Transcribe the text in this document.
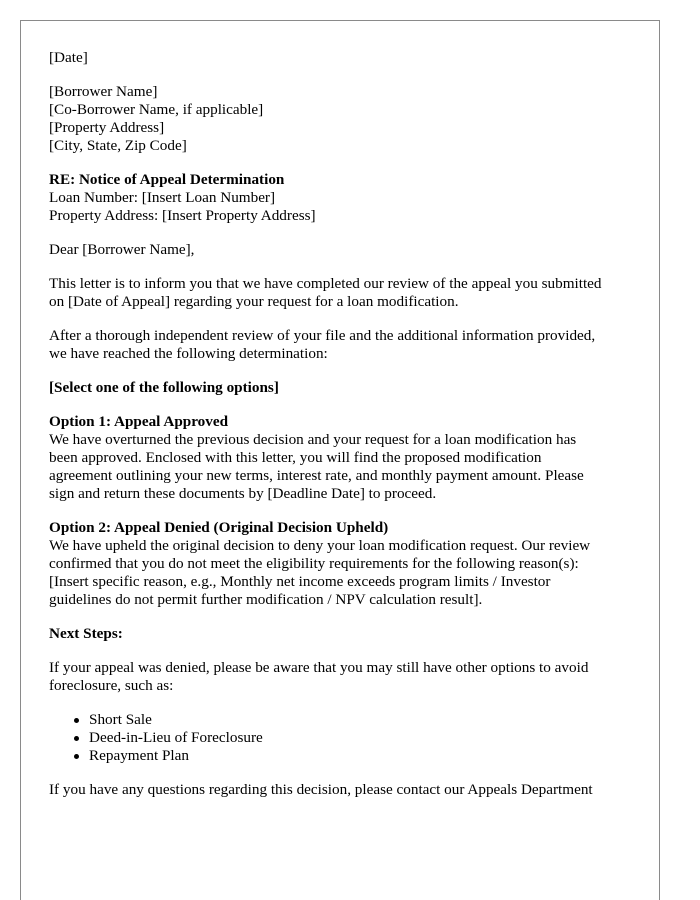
[Date]

[Borrower Name]
[Co-Borrower Name, if applicable]
[Property Address]
[City, State, Zip Code]

RE: Notice of Appeal Determination
Loan Number: [Insert Loan Number]
Property Address: [Insert Property Address]

Dear [Borrower Name],

This letter is to inform you that we have completed our review of the appeal you submitted
on [Date of Appeal] regarding your request for a loan modification.

After a thorough independent review of your file and the additional information provided,
we have reached the following determination:

[Select one of the following options]

Option 1: Appeal Approved
We have overturned the previous decision and your request for a loan modification has
been approved. Enclosed with this letter, you will find the proposed modification
agreement outlining your new terms, interest rate, and monthly payment amount. Please
sign and return these documents by [Deadline Date] to proceed.

Option 2: Appeal Denied (Original Decision Upheld)
We have upheld the original decision to deny your loan modification request. Our review
confirmed that you do not meet the eligibility requirements for the following reason(s):
[Insert specific reason, e.g., Monthly net income exceeds program limits / Investor
guidelines do not permit further modification / NPV calculation result].

Next Steps:

If your appeal was denied, please be aware that you may still have other options to avoid
foreclosure, such as:

Short Sale
Deed-in-Lieu of Foreclosure
Repayment Plan

If you have any questions regarding this decision, please contact our Appeals Department
